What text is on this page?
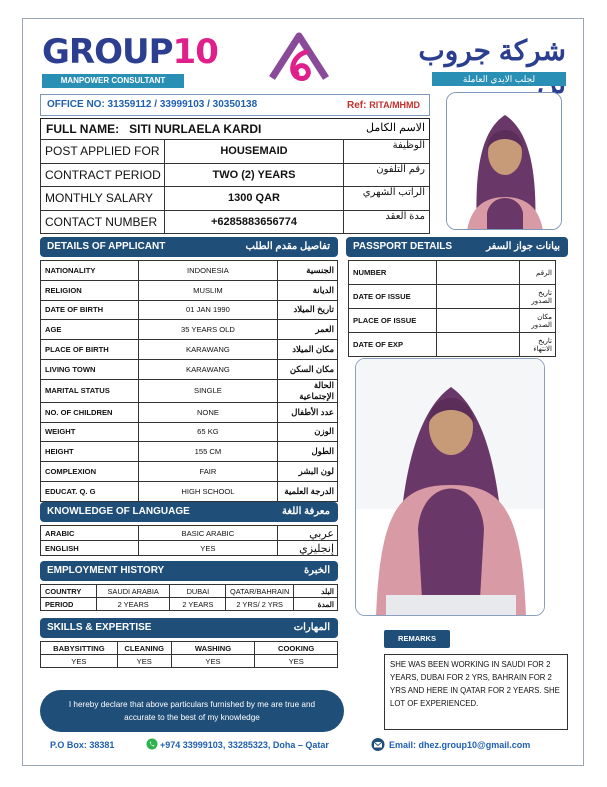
GROUP10
MANPOWER CONSULTANT
شركة جروب
لجلب الايدي العاملة
OFFICE NO: 31359112 / 33999103 / 30350138	Ref: RITA/MHMD
FULL NAME: SITI NURLAELA KARDI	الاسم الكامل
POST APPLIED FOR	HOUSEMAID	الوظيفة
CONTRACT PERIOD	TWO (2) YEARS	رقم التلفون
MONTHLY SALARY	1300 QAR	الراتب الشهري
CONTACT NUMBER	+6285883656774	مدة العقد
DETAILS OF APPLICANT	تفاصيل مقدم الطلب
NATIONALITY	INDONESIA	الجنسية
RELIGION	MUSLIM	الديانة
DATE OF BIRTH	01 JAN 1990	تاريخ الميلاد
AGE	35 YEARS OLD	العمر
PLACE OF BIRTH	KARAWANG	مكان الميلاد
LIVING TOWN	KARAWANG	مكان السكن
MARITAL STATUS	SINGLE	الحالة الإجتماعية
NO. OF CHILDREN	NONE	عدد الأطفال
WEIGHT	65 KG	الوزن
HEIGHT	155 CM	الطول
COMPLEXION	FAIR	لون البشر
EDUCAT. Q. G	HIGH SCHOOL	الدرجة العلمية
PASSPORT DETAILS	بيانات جواز السفر
NUMBER		الرقم
DATE OF ISSUE		تاريخ الصدور
PLACE OF ISSUE		مكان الصدور
DATE OF EXP		تاريخ الانتهاء
KNOWLEDGE OF LANGUAGE	معرفة اللغة
ARABIC	BASIC ARABIC	عربي
ENGLISH	YES	إنجليزي
EMPLOYMENT HISTORY	الخبرة
COUNTRY	SAUDI ARABIA	DUBAI	QATAR/BAHRAIN	البلد
PERIOD	2 YEARS	2 YEARS	2 YRS/ 2 YRS	المدة
SKILLS & EXPERTISE	المهارات
BABYSITTING	CLEANING	WASHING	COOKING
YES	YES	YES	YES
REMARKS
SHE WAS BEEN WORKING IN SAUDI FOR 2 YEARS, DUBAI FOR 2 YRS, BAHRAIN FOR 2 YRS AND HERE IN QATAR FOR 2 YEARS. SHE LOT OF EXPERIENCED.
I hereby declare that above particulars furnished by me are true and accurate to the best of my knowledge
P.O Box: 38381	+974 33999103, 33285323, Doha – Qatar	Email: dhez.group10@gmail.com
